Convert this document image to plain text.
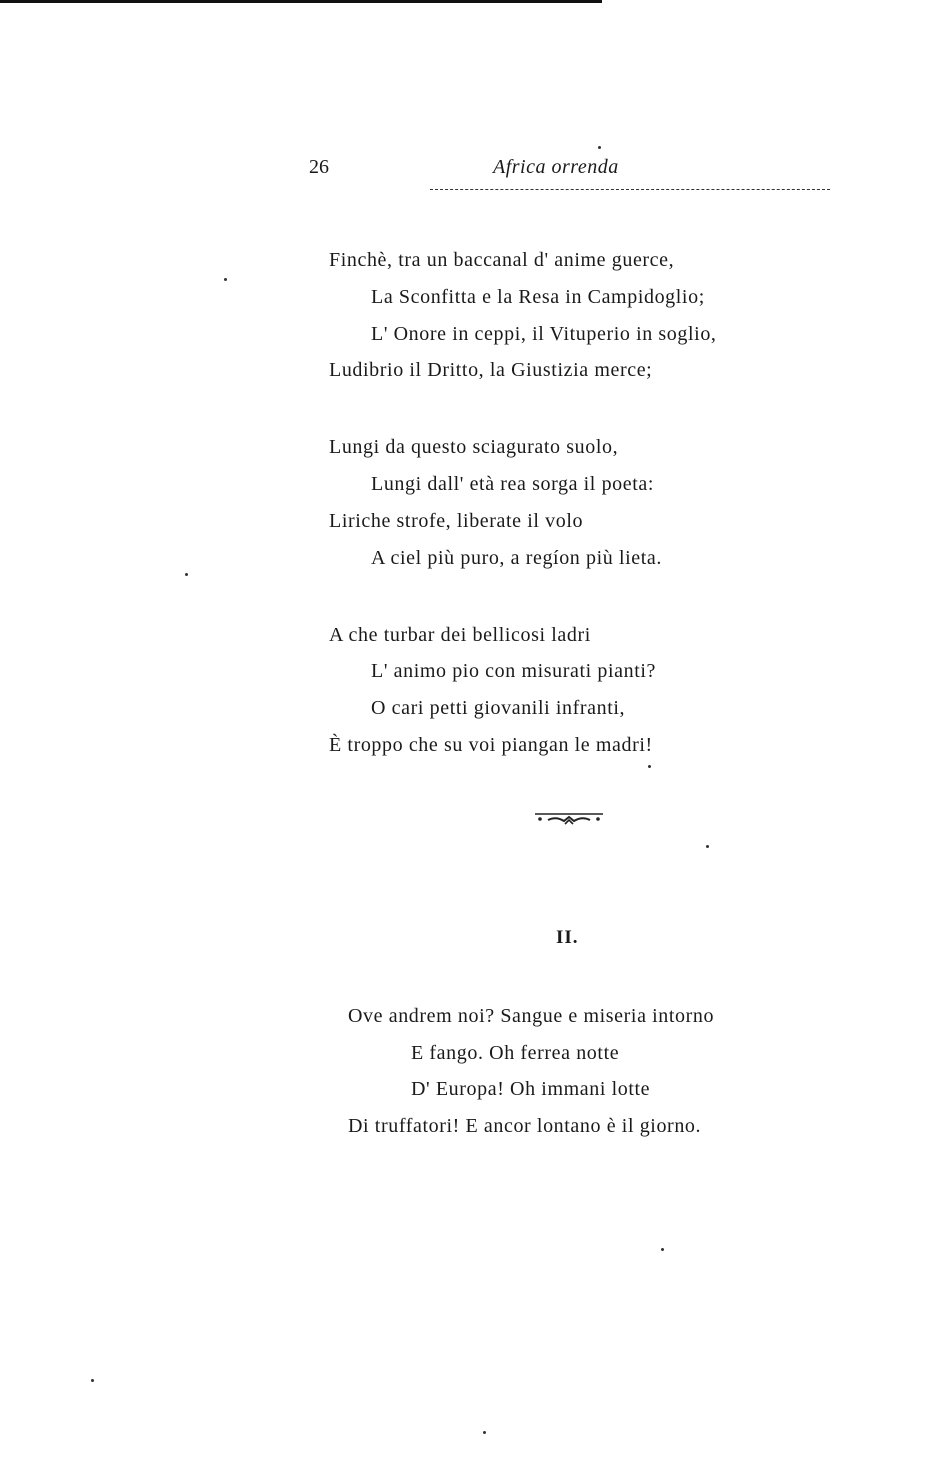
26	Africa orrenda
Finchè, tra un baccanal d' anime guerce,
La Sconfitta e la Resa in Campidoglio;
L' Onore in ceppi, il Vituperio in soglio,
Ludibrio il Dritto, la Giustizia merce;
Lungi da questo sciagurato suolo,
Lungi dall' età rea sorga il poeta:
Liriche strofe, liberate il volo
A ciel più puro, a regíon più lieta.
A che turbar dei bellicosi ladri
L' animo pio con misurati pianti?
O cari petti giovanili infranti,
È troppo che su voi piangan le madri!
II.
Ove andrem noi? Sangue e miseria intorno
E fango. Oh ferrea notte
D' Europa! Oh immani lotte
Di truffatori! E ancor lontano è il giorno.
